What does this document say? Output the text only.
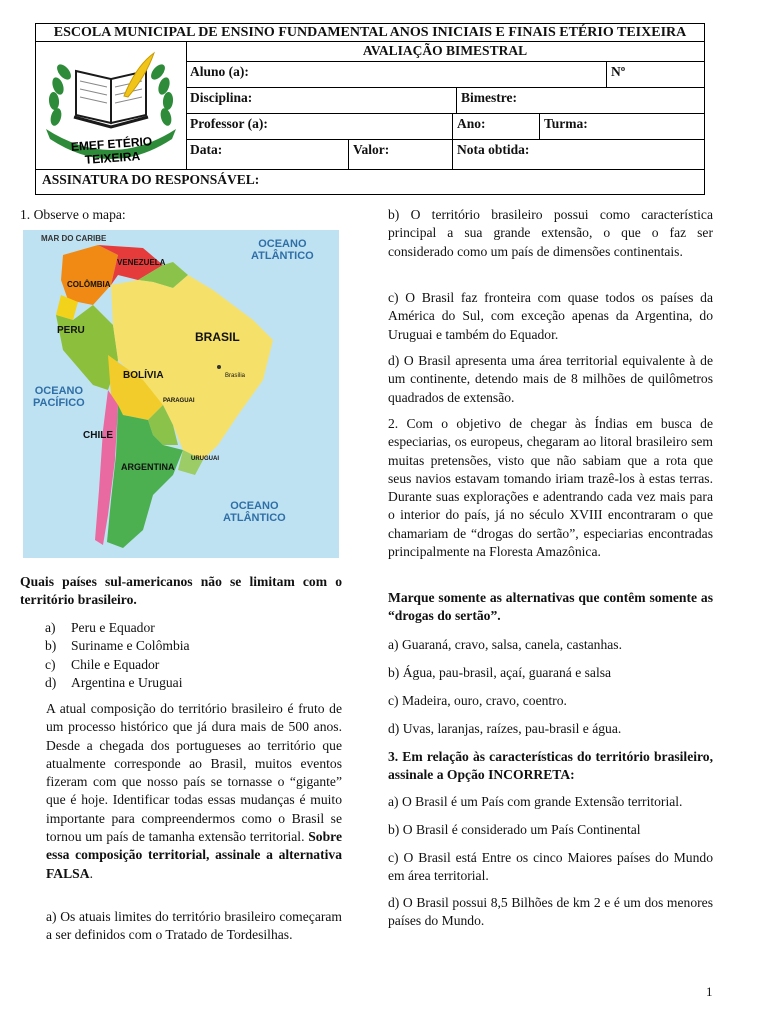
ESCOLA MUNICIPAL DE ENSINO FUNDAMENTAL ANOS INICIAIS E FINAIS ETÉRIO TEIXEIRA
EMEF ETÉRIO TEIXEIRA
AVALIAÇÃO BIMESTRAL
Aluno (a):	Nº
Disciplina:	Bimestre:
Professor (a):	Ano:	Turma:
Data:	Valor:	Nota obtida:
ASSINATURA DO RESPONSÁVEL:
1. Observe o mapa:
MAR DO CARIBE	OCEANO
ATLÂNTICO
OCEANO
PACÍFICO
OCEANO
ATLÂNTICO
VENEZUELA
COLÔMBIA
PERU	BRASIL
Brasília
BOLÍVIA
PARAGUAI
CHILE
ARGENTINA
URUGUAI

Quais países sul-americanos não se limitam com o território brasileiro.

a)	Peru e Equador
b)	Suriname e Colômbia
c)	Chile e Equador
d)	Argentina e Uruguai

A atual composição do território brasileiro é fruto de um processo histórico que já dura mais de 500 anos. Desde a chegada dos portugueses ao território que atualmente corresponde ao Brasil, muitos eventos fizeram com que nosso país se tornasse o “gigante” que é hoje. Identificar todas essas mudanças é muito importante para compreendermos como o Brasil se tornou um país de tamanha extensão territorial. Sobre essa composição territorial, assinale a alternativa FALSA.

a) Os atuais limites do território brasileiro começaram a ser definidos com o Tratado de Tordesilhas.

b) O território brasileiro possui como característica principal a sua grande extensão, o que o faz ser considerado como um país de dimensões continentais.

c) O Brasil faz fronteira com quase todos os países da América do Sul, com exceção apenas da Argentina, do Uruguai e também do Equador.

d) O Brasil apresenta uma área territorial equivalente à de um continente, detendo mais de 8 milhões de quilômetros quadrados de extensão.

2. Com o objetivo de chegar às Índias em busca de especiarias, os europeus, chegaram ao litoral brasileiro sem muitas pretensões, visto que não sabiam que a rota que seus navios estavam tomando iriam trazê-los à estas terras. Durante suas explorações e adentrando cada vez mais para o interior do país, já no século XVIII encontraram o que chamariam de “drogas do sertão”, especiarias encontradas principalmente na Floresta Amazônica.

Marque somente as alternativas que contêm somente as “drogas do sertão”.

a) Guaraná, cravo, salsa, canela, castanhas.
b) Água, pau-brasil, açaí, guaraná e salsa
c) Madeira, ouro, cravo, coentro.
d) Uvas, laranjas, raízes, pau-brasil e água.

3. Em relação às características do território brasileiro, assinale a Opção INCORRETA:

a) O Brasil é um País com grande Extensão territorial.
b) O Brasil é considerado um País Continental
c) O Brasil está Entre os cinco Maiores países do Mundo em área territorial.
d) O Brasil possui 8,5 Bilhões de km 2 e é um dos menores países do Mundo.
1
